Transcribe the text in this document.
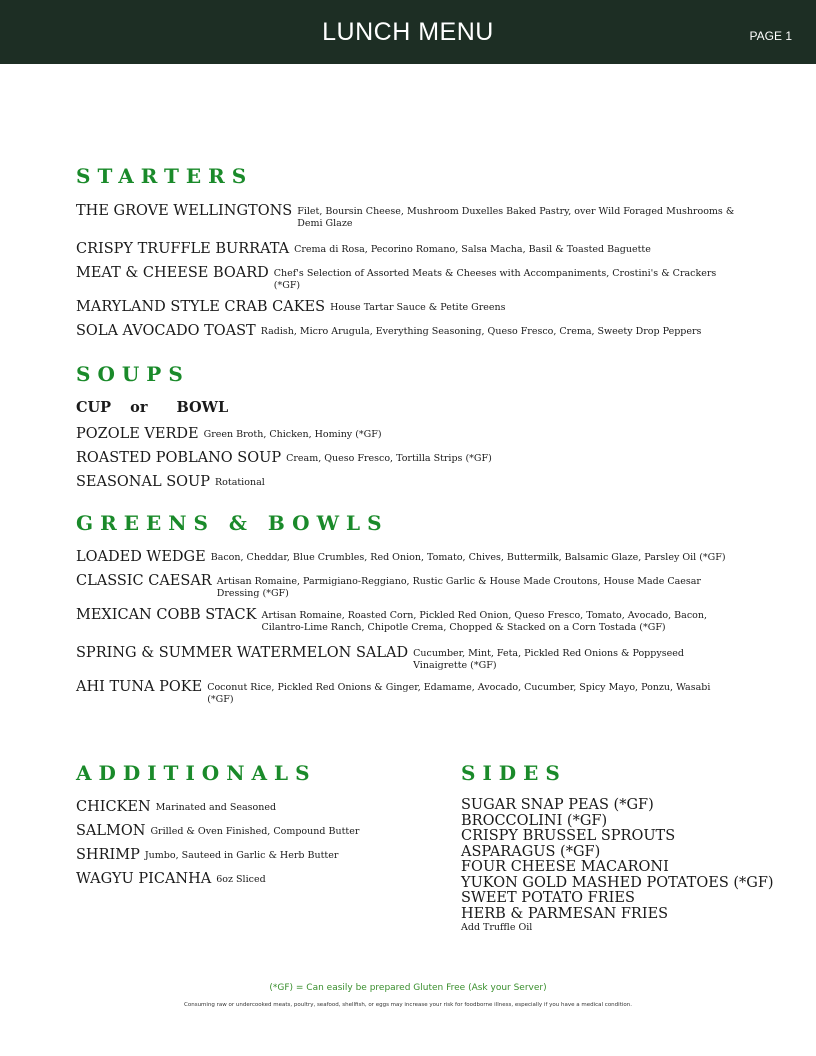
LUNCH MENU	PAGE 1
STARTERS
THE GROVE WELLINGTONS Filet, Boursin Cheese, Mushroom Duxelles Baked Pastry, over Wild Foraged Mushrooms & Demi Glaze
CRISPY TRUFFLE BURRATA Crema di Rosa, Pecorino Romano, Salsa Macha, Basil & Toasted Baguette
MEAT & CHEESE BOARD Chef's Selection of Assorted Meats & Cheeses with Accompaniments, Crostini's & Crackers (*GF)
MARYLAND STYLE CRAB CAKES House Tartar Sauce & Petite Greens
SOLA AVOCADO TOAST Radish, Micro Arugula, Everything Seasoning, Queso Fresco, Crema, Sweety Drop Peppers
SOUPS
CUP or BOWL
POZOLE VERDE Green Broth, Chicken, Hominy (*GF)
ROASTED POBLANO SOUP Cream, Queso Fresco, Tortilla Strips (*GF)
SEASONAL SOUP Rotational
GREENS & BOWLS
LOADED WEDGE Bacon, Cheddar, Blue Crumbles, Red Onion, Tomato, Chives, Buttermilk, Balsamic Glaze, Parsley Oil (*GF)
CLASSIC CAESAR Artisan Romaine, Parmigiano-Reggiano, Rustic Garlic & House Made Croutons, House Made Caesar Dressing (*GF)
MEXICAN COBB STACK Artisan Romaine, Roasted Corn, Pickled Red Onion, Queso Fresco, Tomato, Avocado, Bacon, Cilantro-Lime Ranch, Chipotle Crema, Chopped & Stacked on a Corn Tostada (*GF)
SPRING & SUMMER WATERMELON SALAD Cucumber, Mint, Feta, Pickled Red Onions & Poppyseed Vinaigrette (*GF)
AHI TUNA POKE Coconut Rice, Pickled Red Onions & Ginger, Edamame, Avocado, Cucumber, Spicy Mayo, Ponzu, Wasabi (*GF)
ADDITIONALS
CHICKEN Marinated and Seasoned
SALMON Grilled & Oven Finished, Compound Butter
SHRIMP Jumbo, Sauteed in Garlic & Herb Butter
WAGYU PICANHA 6oz Sliced
SIDES
SUGAR SNAP PEAS (*GF)
BROCCOLINI (*GF)
CRISPY BRUSSEL SPROUTS
ASPARAGUS (*GF)
FOUR CHEESE MACARONI
YUKON GOLD MASHED POTATOES (*GF)
SWEET POTATO FRIES
HERB & PARMESAN FRIES
Add Truffle Oil
(*GF) = Can easily be prepared Gluten Free (Ask your Server)
Consuming raw or undercooked meats, poultry, seafood, shellfish, or eggs may increase your risk for foodborne illness, especially if you have a medical condition.
